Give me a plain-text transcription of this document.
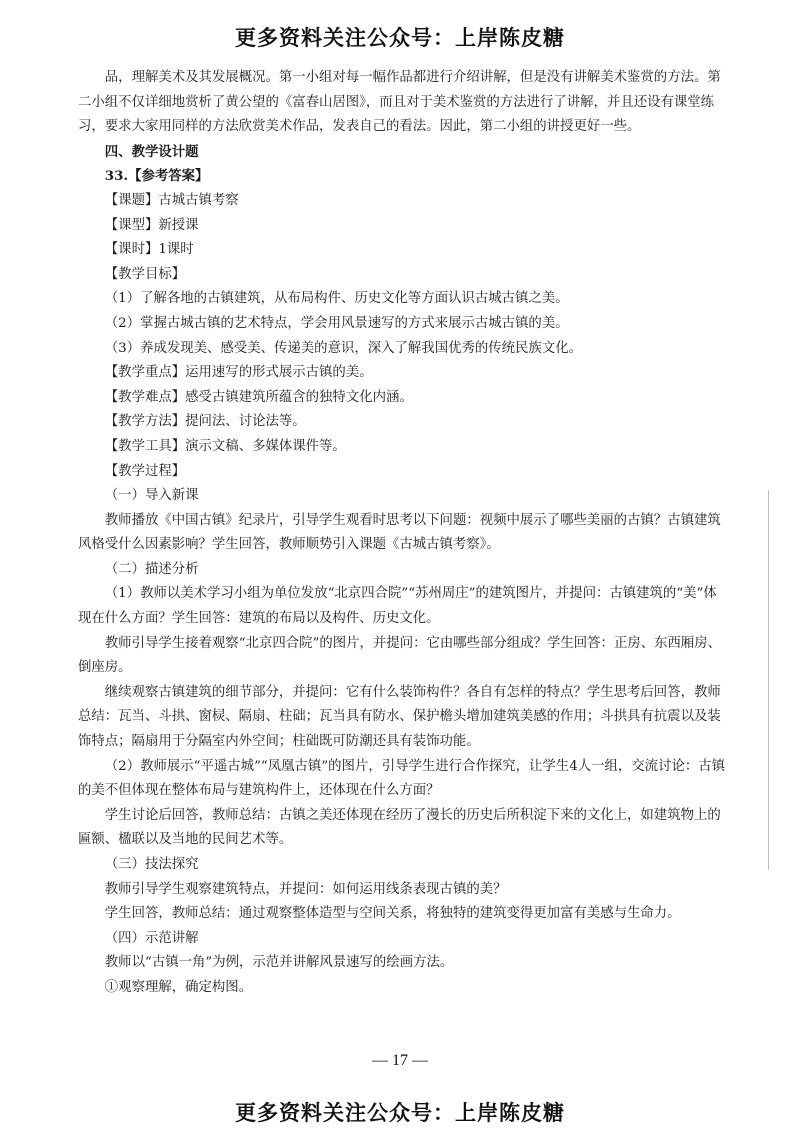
更多资料关注公众号：上岸陈皮糖

品，理解美术及其发展概况。第一小组对每一幅作品都进行介绍讲解，但是没有讲解美术鉴赏的方法。第二小组不仅详细地赏析了黄公望的《富春山居图》，而且对于美术鉴赏的方法进行了讲解，并且还设有课堂练习，要求大家用同样的方法欣赏美术作品，发表自己的看法。因此，第二小组的讲授更好一些。

四、教学设计题

33.【参考答案】

【课题】古城古镇考察

【课型】新授课

【课时】1课时

【教学目标】

（1）了解各地的古镇建筑，从布局构件、历史文化等方面认识古城古镇之美。

（2）掌握古城古镇的艺术特点，学会用风景速写的方式来展示古城古镇的美。

（3）养成发现美、感受美、传递美的意识，深入了解我国优秀的传统民族文化。

【教学重点】运用速写的形式展示古镇的美。

【教学难点】感受古镇建筑所蕴含的独特文化内涵。

【教学方法】提问法、讨论法等。

【教学工具】演示文稿、多媒体课件等。

【教学过程】

（一）导入新课

教师播放《中国古镇》纪录片，引导学生观看时思考以下问题：视频中展示了哪些美丽的古镇？古镇建筑风格受什么因素影响？学生回答，教师顺势引入课题《古城古镇考察》。

（二）描述分析

（1）教师以美术学习小组为单位发放“北京四合院”“苏州周庄”的建筑图片，并提问：古镇建筑的“美”体现在什么方面？学生回答：建筑的布局以及构件、历史文化。

教师引导学生接着观察“北京四合院”的图片，并提问：它由哪些部分组成？学生回答：正房、东西厢房、倒座房。

继续观察古镇建筑的细节部分，并提问：它有什么装饰构件？各自有怎样的特点？学生思考后回答，教师总结：瓦当、斗拱、窗棂、隔扇、柱础；瓦当具有防水、保护檐头增加建筑美感的作用；斗拱具有抗震以及装饰特点；隔扇用于分隔室内外空间；柱础既可防潮还具有装饰功能。

（2）教师展示“平遥古城”“凤凰古镇”的图片，引导学生进行合作探究，让学生4人一组，交流讨论：古镇的美不但体现在整体布局与建筑构件上，还体现在什么方面？

学生讨论后回答，教师总结：古镇之美还体现在经历了漫长的历史后所积淀下来的文化上，如建筑物上的匾额、楹联以及当地的民间艺术等。

（三）技法探究

教师引导学生观察建筑特点，并提问：如何运用线条表现古镇的美？

学生回答，教师总结：通过观察整体造型与空间关系，将独特的建筑变得更加富有美感与生命力。

（四）示范讲解

教师以“古镇一角”为例，示范并讲解风景速写的绘画方法。

①观察理解，确定构图。

— 17 —
更多资料关注公众号：上岸陈皮糖
